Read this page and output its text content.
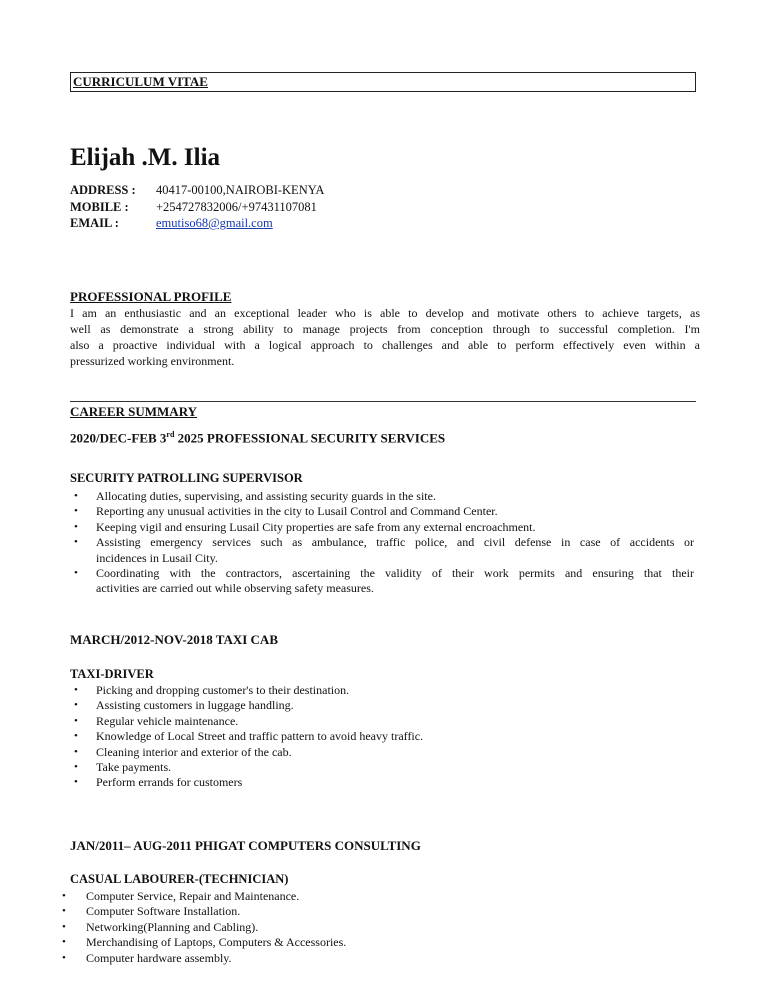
CURRICULUM VITAE
Elijah .M. Ilia
ADDRESS : 40417-00100,NAIROBI-KENYA
MOBILE : +254727832006/+97431107081
EMAIL :	emutiso68@gmail.com
PROFESSIONAL PROFILE
I am an enthusiastic and an exceptional leader who is able to develop and motivate others to achieve targets, as
well as demonstrate a strong ability to manage projects from conception through to successful completion. I'm
also a proactive individual with a logical approach to challenges and able to perform effectively even within a
pressurized working environment.
CAREER SUMMARY
2020/DEC-FEB 3rd 2025 PROFESSIONAL SECURITY SERVICES
SECURITY PATROLLING SUPERVISOR
• Allocating duties, supervising, and assisting security guards in the site.
• Reporting any unusual activities in the city to Lusail Control and Command Center.
• Keeping vigil and ensuring Lusail City properties are safe from any external encroachment.
• Assisting emergency services such as ambulance, traffic police, and civil defense in case of accidents or
incidences in Lusail City.
• Coordinating with the contractors, ascertaining the validity of their work permits and ensuring that their
activities are carried out while observing safety measures.
MARCH/2012-NOV-2018 TAXI CAB
TAXI-DRIVER
• Picking and dropping customer's to their destination.
• Assisting customers in luggage handling.
• Regular vehicle maintenance.
• Knowledge of Local Street and traffic pattern to avoid heavy traffic.
• Cleaning interior and exterior of the cab.
• Take payments.
• Perform errands for customers
JAN/2011– AUG-2011 PHIGAT COMPUTERS CONSULTING
CASUAL LABOURER-(TECHNICIAN)
• Computer Service, Repair and Maintenance.
• Computer Software Installation.
• Networking(Planning and Cabling).
• Merchandising of Laptops, Computers & Accessories.
• Computer hardware assembly.
